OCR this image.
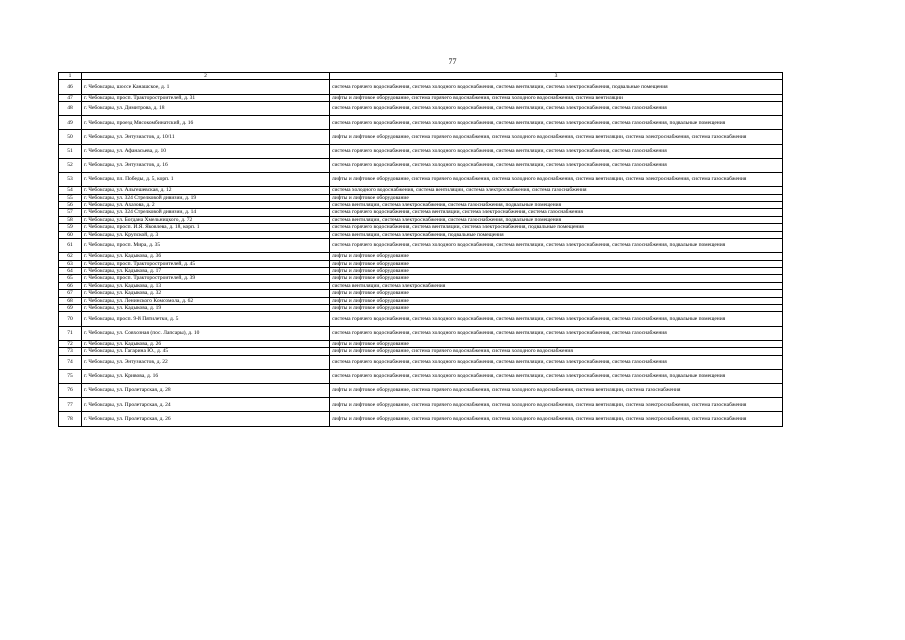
77
1	2	3
46	г. Чебоксары, шоссе Канашское, д. 1	система горячего водоснабжения, система холодного водоснабжения, система вентиляции, система электроснабжения, подвальные помещения
47	г. Чебоксары, просп. Тракторостроителей, д. 31	лифты и лифтовое оборудование, система горячего водоснабжения, система холодного водоснабжения, система вентиляции
48	г. Чебоксары, ул. Димитрова, д. 18	система горячего водоснабжения, система холодного водоснабжения, система вентиляции, система электроснабжения, система газоснабжения
49	г. Чебоксары, проезд Мясокомбинатский, д. 16	система горячего водоснабжения, система холодного водоснабжения, система вентиляции, система электроснабжения, система газоснабжения, подвальные помещения
50	г. Чебоксары, ул. Энтузиастов, д. 10/11	лифты и лифтовое оборудование, система горячего водоснабжения, система холодного водоснабжения, система вентиляции, система электроснабжения, система газоснабжения
51	г. Чебоксары, ул. Афанасьева, д. 10	система горячего водоснабжения, система холодного водоснабжения, система вентиляции, система электроснабжения, система газоснабжения
52	г. Чебоксары, ул. Энтузиастов, д. 16	система горячего водоснабжения, система холодного водоснабжения, система вентиляции, система электроснабжения, система газоснабжения
53	г. Чебоксары, пл. Победы, д. 5, корп. 1	лифты и лифтовое оборудование, система горячего водоснабжения, система холодного водоснабжения, система вентиляции, система электроснабжения, система газоснабжения
54	г. Чебоксары, ул. Альгешевская, д. 12	система холодного водоснабжения, система вентиляции, система электроснабжения, система газоснабжения
55	г. Чебоксары, ул. 324 Стрелковой дивизии, д. 19	лифты и лифтовое оборудование
56	г. Чебоксары, ул. Ахазова, д. 2	система вентиляции, система электроснабжения, система газоснабжения, подвальные помещения
57	г. Чебоксары, ул. 324 Стрелковой дивизии, д. 14	система горячего водоснабжения, система вентиляции, система электроснабжения, система газоснабжения
58	г. Чебоксары, ул. Богдана Хмельницкого, д. 72	система вентиляции, система электроснабжения, система газоснабжения, подвальные помещения
59	г. Чебоксары, просп. И.Я. Яковлева, д. 18, корп. 1	система горячего водоснабжения, система вентиляции, система электроснабжения, подвальные помещения
60	г. Чебоксары, ул. Крупской, д. 3	система вентиляции, система электроснабжения, подвальные помещения
61	г. Чебоксары, просп. Мира, д. 35	система горячего водоснабжения, система холодного водоснабжения, система вентиляции, система электроснабжения, система газоснабжения, подвальные помещения
62	г. Чебоксары, ул. Кадыкова, д. 36	лифты и лифтовое оборудование
63	г. Чебоксары, просп. Тракторостроителей, д. 45	лифты и лифтовое оборудование
64	г. Чебоксары, ул. Кадыкова, д. 17	лифты и лифтовое оборудование
65	г. Чебоксары, просп. Тракторостроителей, д. 39	лифты и лифтовое оборудование
66	г. Чебоксары, ул. Кадыкова, д. 13	система вентиляции, система электроснабжения
67	г. Чебоксары, ул. Кадыкова, д. 32	лифты и лифтовое оборудование
68	г. Чебоксары, ул. Ленинского Комсомола, д. 62	лифты и лифтовое оборудование
69	г. Чебоксары, ул. Кадыкова, д. 19	лифты и лифтовое оборудование
70	г. Чебоксары, просп. 9-й Пятилетки, д. 5	система горячего водоснабжения, система холодного водоснабжения, система вентиляции, система электроснабжения, система газоснабжения, подвальные помещения
71	г. Чебоксары, ул. Совхозная (пос. Лапсары), д. 10	система горячего водоснабжения, система холодного водоснабжения, система вентиляции, система электроснабжения, система газоснабжения
72	г. Чебоксары, ул. Кадыкова, д. 26	лифты и лифтовое оборудование
73	г. Чебоксары, ул. Гагарина Ю., д. 45	лифты и лифтовое оборудование, система горячего водоснабжения, система холодного водоснабжения
74	г. Чебоксары, ул. Энтузиастов, д. 22	система горячего водоснабжения, система холодного водоснабжения, система вентиляции, система электроснабжения, система газоснабжения
75	г. Чебоксары, ул. Кривова, д. 16	система горячего водоснабжения, система холодного водоснабжения, система вентиляции, система электроснабжения, система газоснабжения, подвальные помещения
76	г. Чебоксары, ул. Пролетарская, д. 28	лифты и лифтовое оборудование, система горячего водоснабжения, система холодного водоснабжения, система вентиляции, система газоснабжения
77	г. Чебоксары, ул. Пролетарская, д. 24	лифты и лифтовое оборудование, система горячего водоснабжения, система холодного водоснабжения, система вентиляции, система электроснабжения, система газоснабжения
78	г. Чебоксары, ул. Пролетарская, д. 26	лифты и лифтовое оборудование, система горячего водоснабжения, система холодного водоснабжения, система вентиляции, система электроснабжения, система газоснабжения
